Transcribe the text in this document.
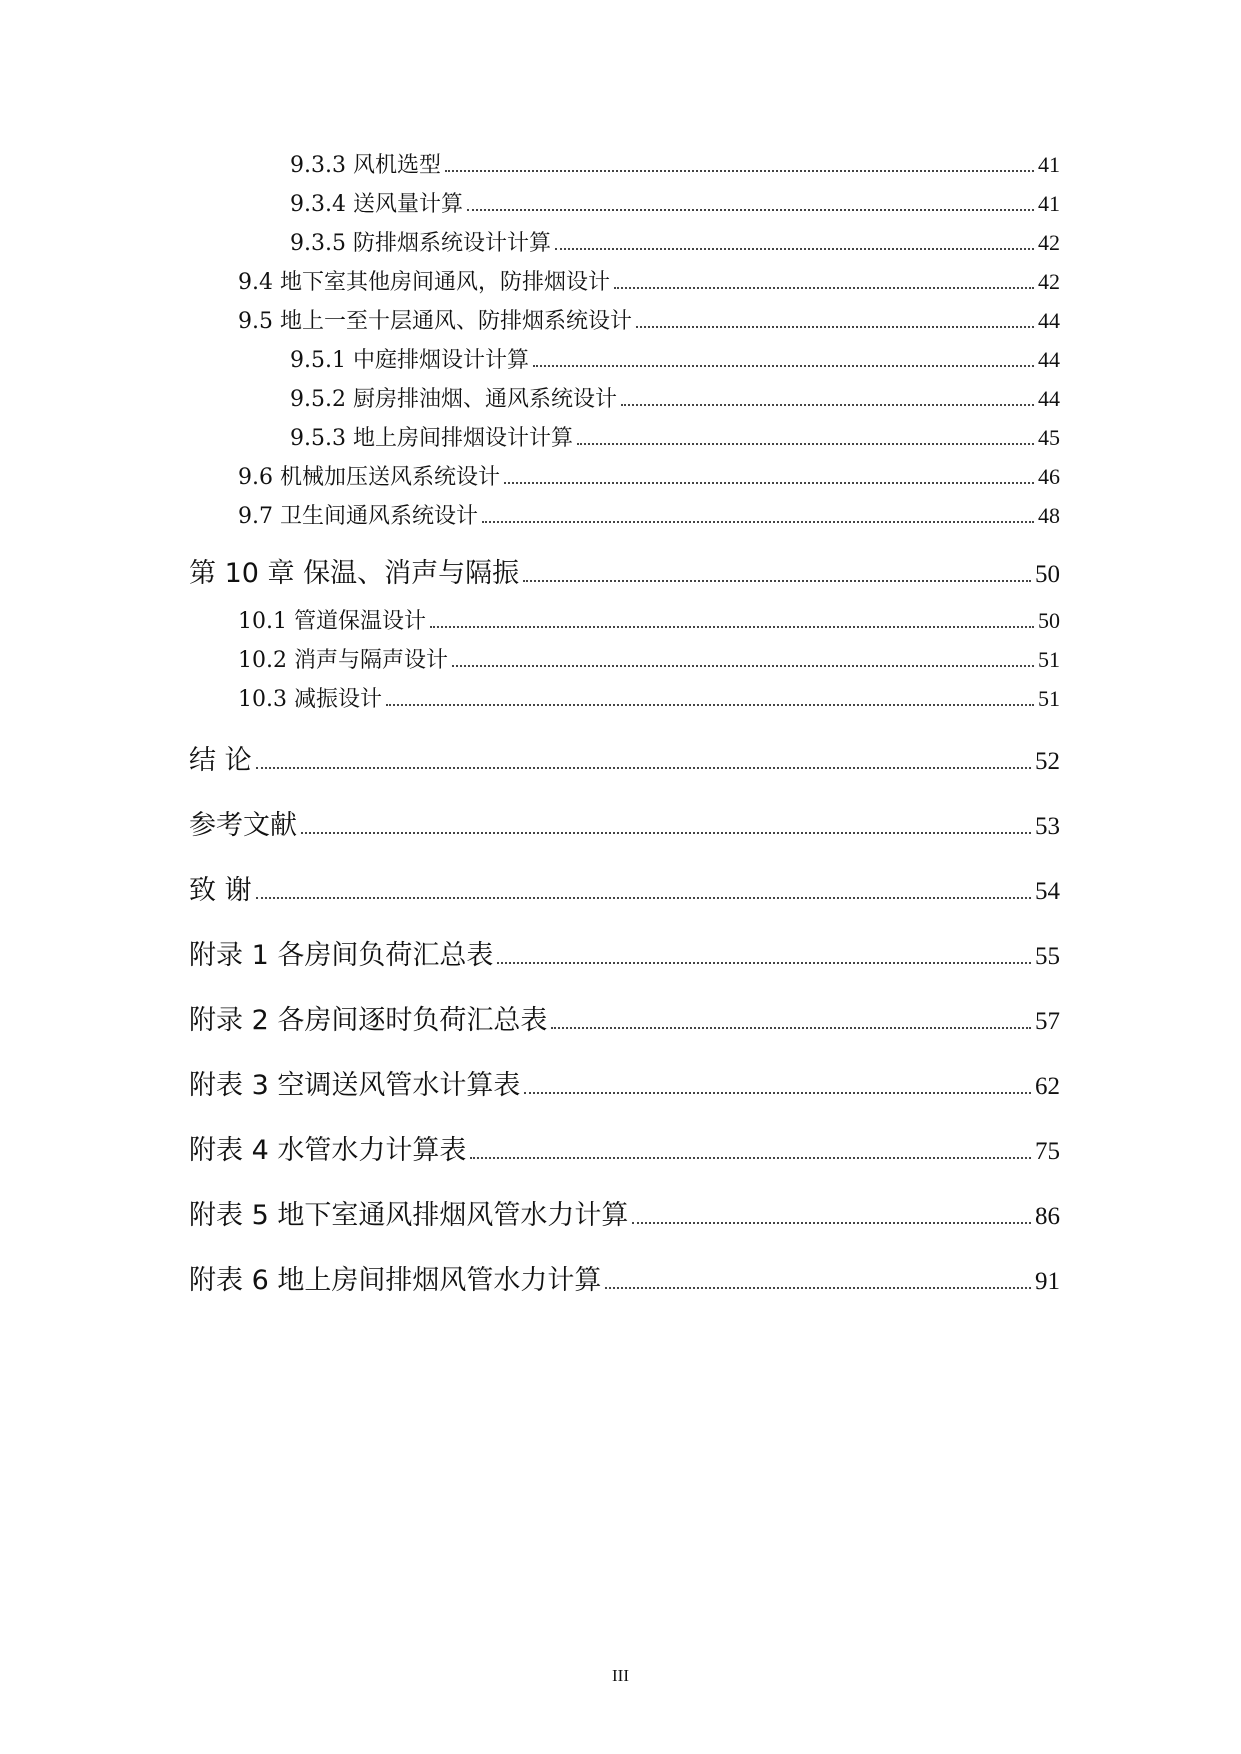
9.3.3 风机选型	41
9.3.4 送风量计算	41
9.3.5 防排烟系统设计计算	42
9.4 地下室其他房间通风，防排烟设计	42
9.5 地上一至十层通风、防排烟系统设计	44
9.5.1 中庭排烟设计计算	44
9.5.2 厨房排油烟、通风系统设计	44
9.5.3 地上房间排烟设计计算	45
9.6 机械加压送风系统设计	46
9.7 卫生间通风系统设计	48
第 10 章 保温、消声与隔振	50
10.1 管道保温设计	50
10.2 消声与隔声设计	51
10.3 减振设计	51
结 论	52
参考文献	53
致 谢	54
附录 1 各房间负荷汇总表	55
附录 2 各房间逐时负荷汇总表	57
附表 3 空调送风管水计算表	62
附表 4 水管水力计算表	75
附表 5 地下室通风排烟风管水力计算	86
附表 6 地上房间排烟风管水力计算	91
III
